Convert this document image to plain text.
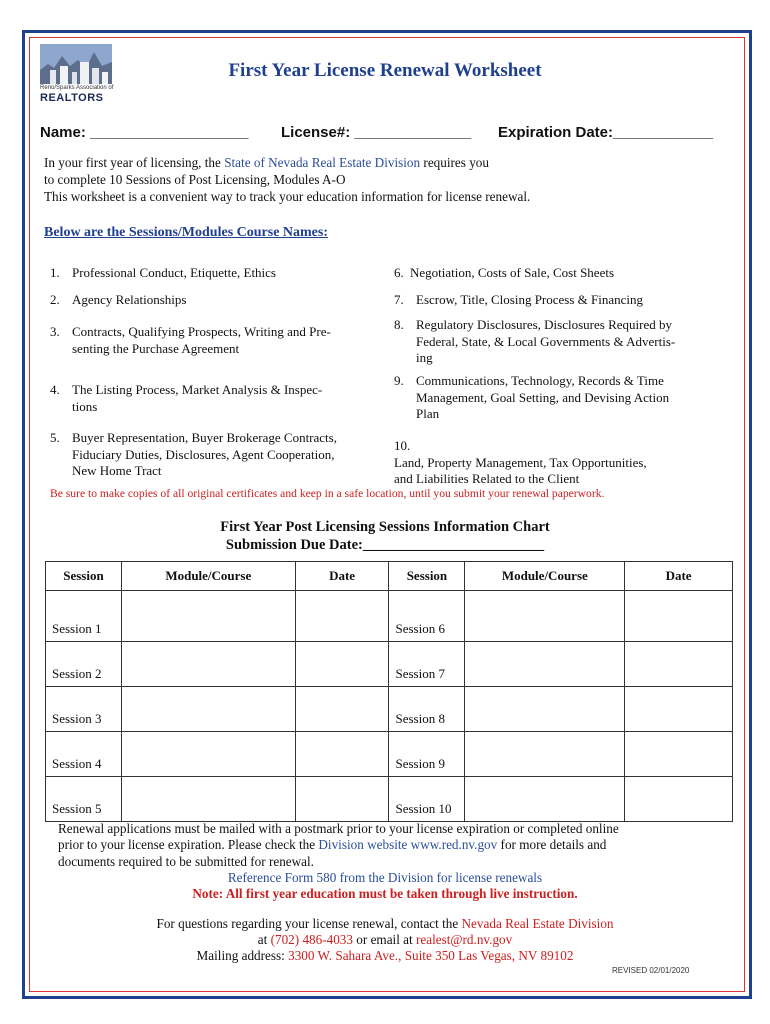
Reno/Sparks Association of
REALTORS
First Year License Renewal Worksheet
Name: ___________________ License#: ______________ Expiration Date:____________
In your first year of licensing, the State of Nevada Real Estate Division requires you
to complete 10 Sessions of Post Licensing, Modules A-O
This worksheet is a convenient way to track your education information for license renewal.
Below are the Sessions/Modules Course Names:
1. Professional Conduct, Etiquette, Ethics
2. Agency Relationships
3. Contracts, Qualifying Prospects, Writing and Pre-
senting the Purchase Agreement
4. The Listing Process, Market Analysis & Inspec-
tions
5. Buyer Representation, Buyer Brokerage Contracts,
Fiduciary Duties, Disclosures, Agent Cooperation,
New Home Tract
6. Negotiation, Costs of Sale, Cost Sheets
7. Escrow, Title, Closing Process & Financing
8. Regulatory Disclosures, Disclosures Required by
Federal, State, & Local Governments & Advertis-
ing
9. Communications, Technology, Records & Time
Management, Goal Setting, and Devising Action
Plan
10.
Land, Property Management, Tax Opportunities,
and Liabilities Related to the Client
Be sure to make copies of all original certificates and keep in a safe location, until you submit your renewal paperwork.
First Year Post Licensing Sessions Information Chart
Submission Due Date:_________________________
Session	Module/Course	Date	Session	Module/Course	Date
Session 1			Session 6		
Session 2			Session 7		
Session 3			Session 8		
Session 4			Session 9		
Session 5			Session 10		
Renewal applications must be mailed with a postmark prior to your license expiration or completed online
prior to your license expiration. Please check the Division website www.red.nv.gov for more details and
documents required to be submitted for renewal.
Reference Form 580 from the Division for license renewals
Note: All first year education must be taken through live instruction.
For questions regarding your license renewal, contact the Nevada Real Estate Division
at (702) 486-4033 or email at realest@rd.nv.gov
Mailing address: 3300 W. Sahara Ave., Suite 350 Las Vegas, NV 89102
REVISED 02/01/2020
